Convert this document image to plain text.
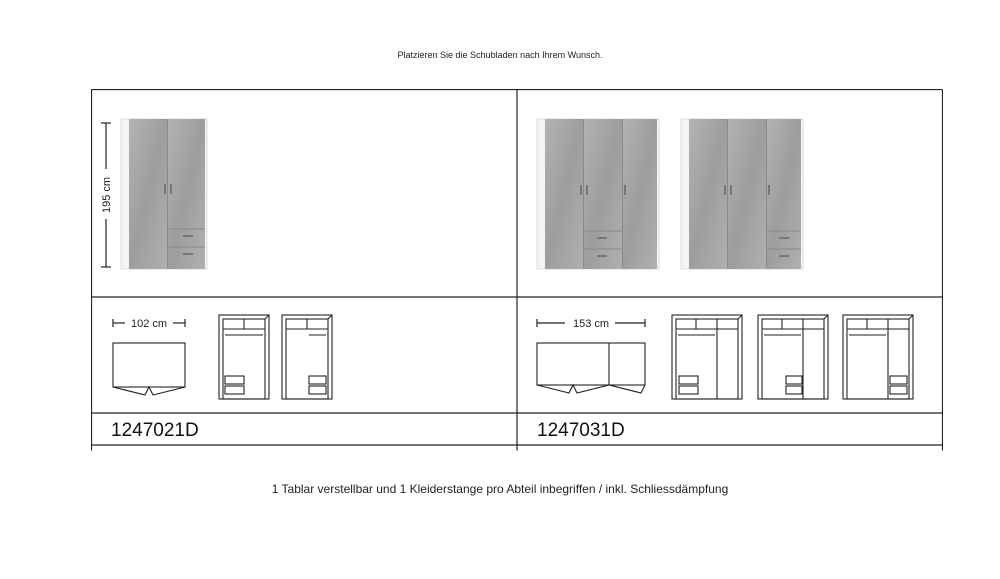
Platzieren Sie die Schubladen nach Ihrem Wunsch.
195 cm
102 cm	153 cm
1247021D	1247031D
1 Tablar verstellbar und 1 Kleiderstange pro Abteil inbegriffen / inkl. Schliessdämpfung
